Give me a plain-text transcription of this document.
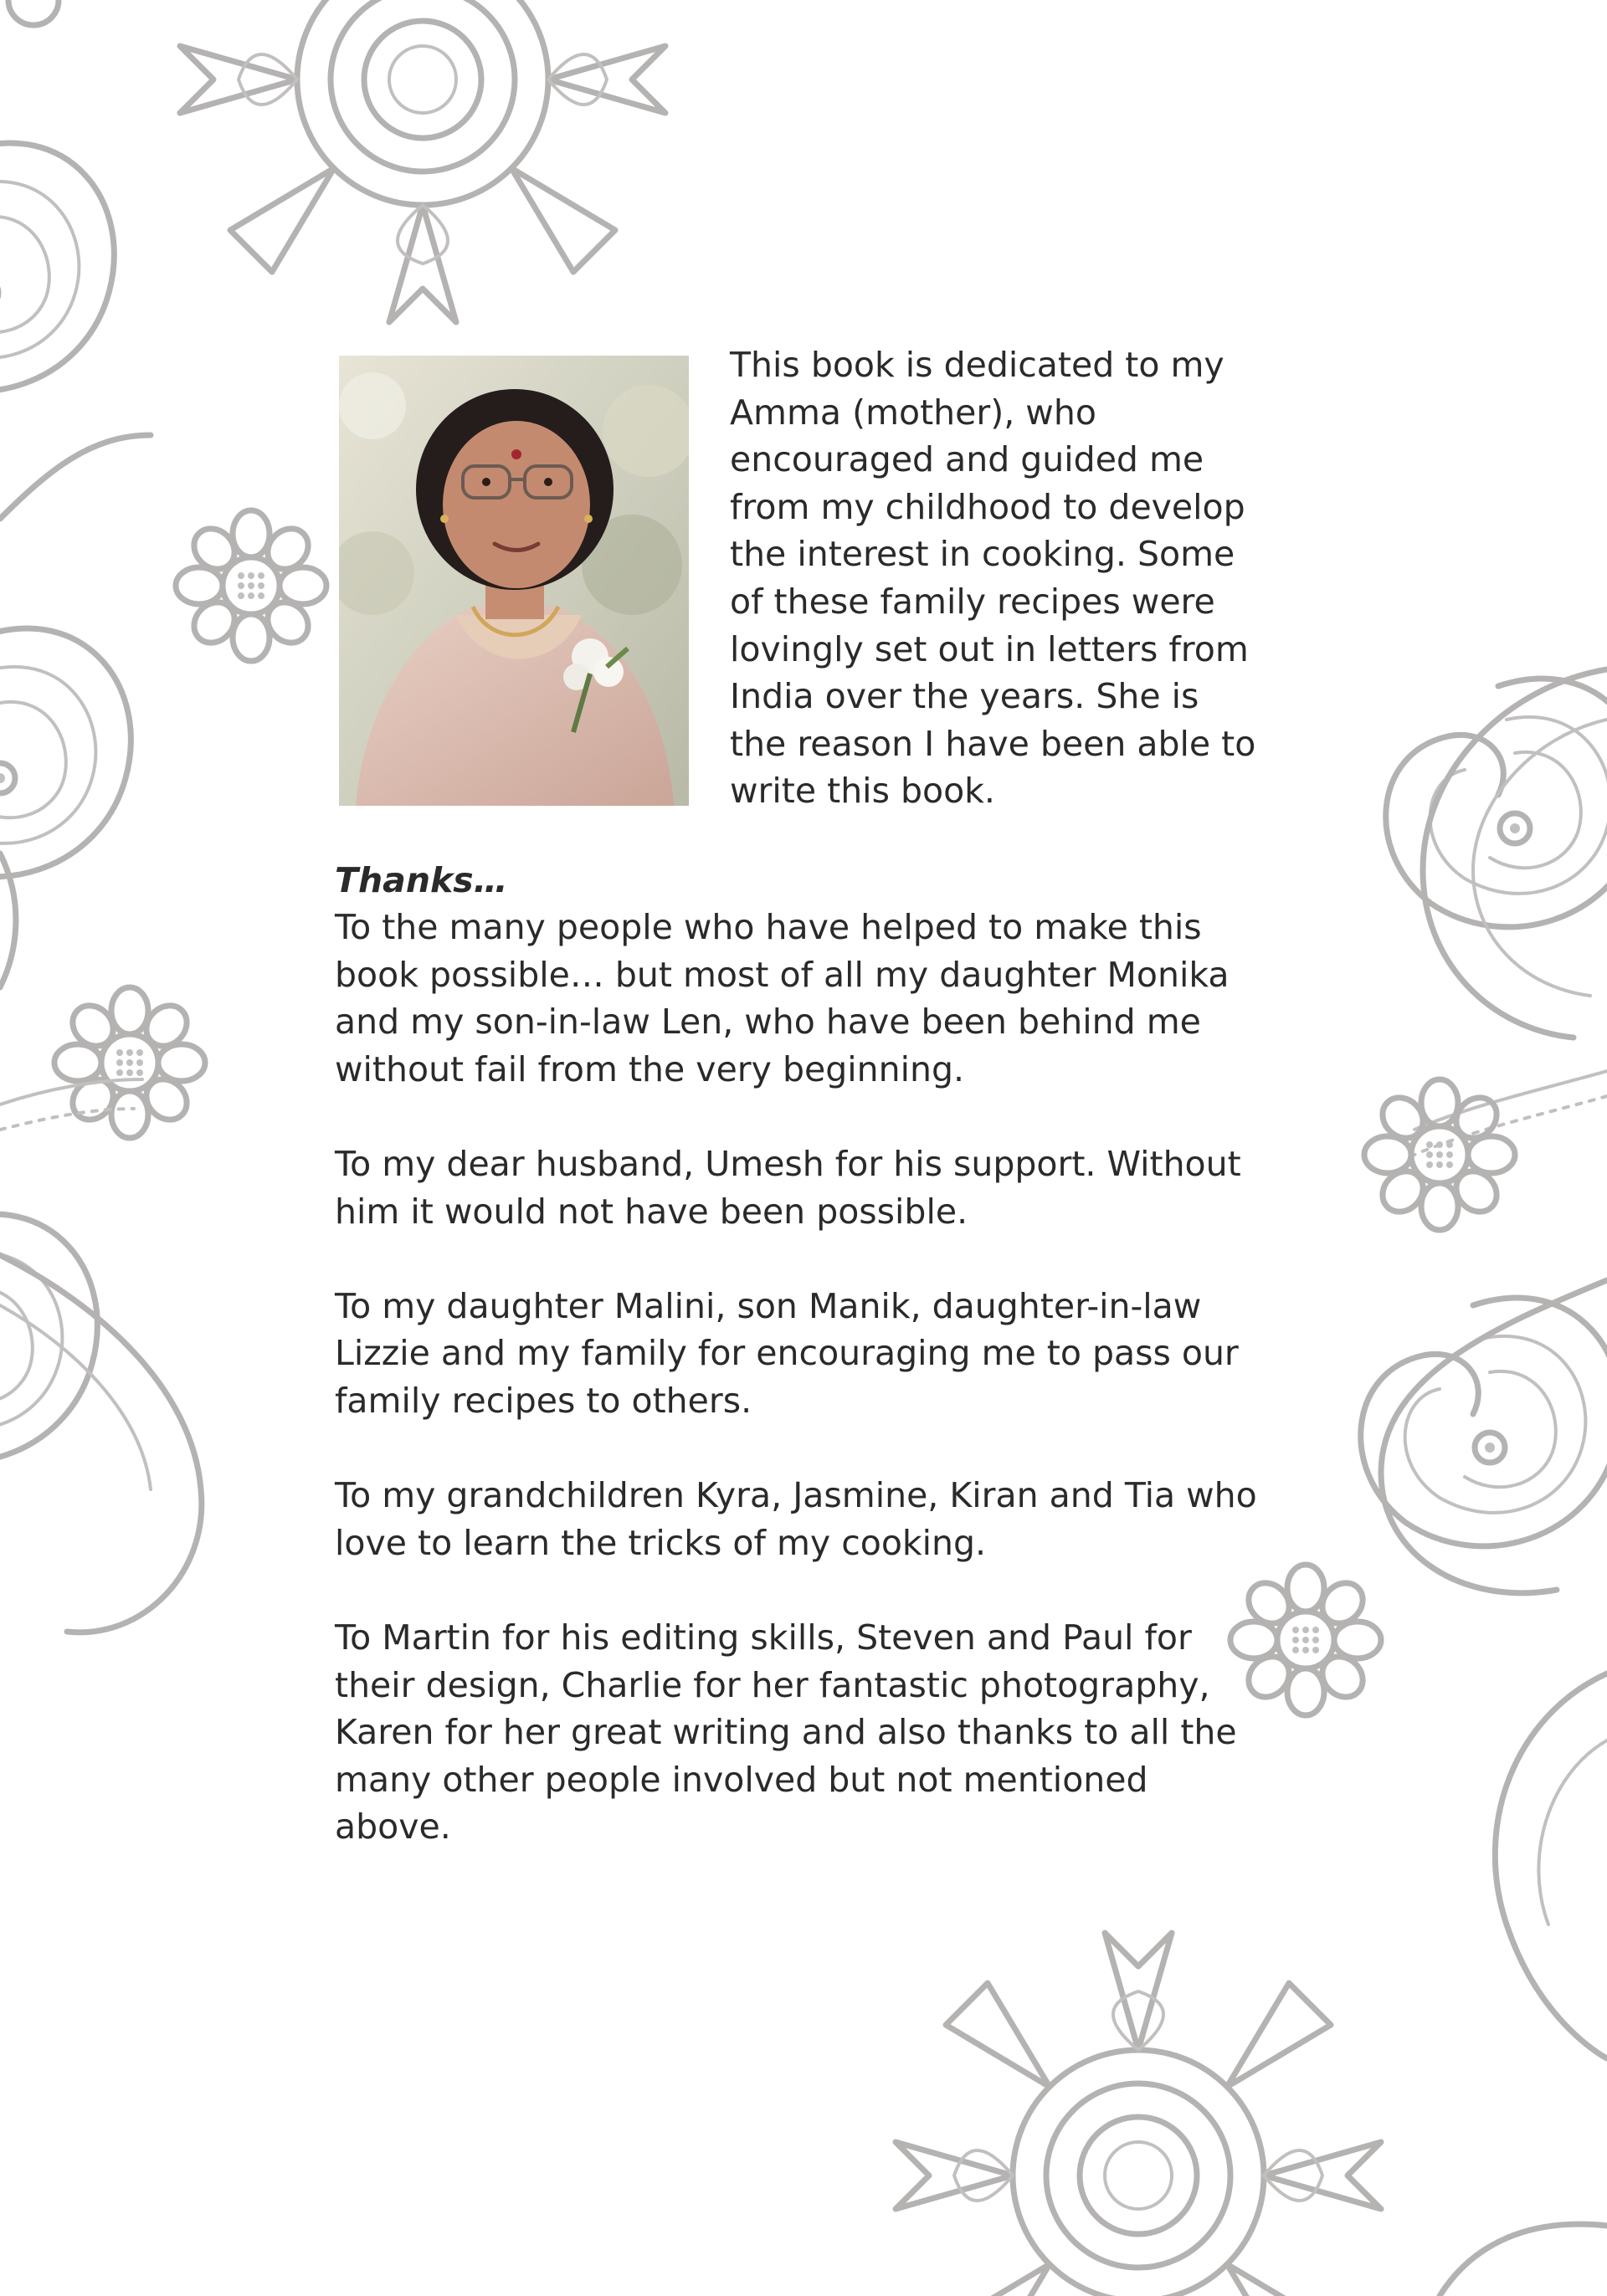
This book is dedicated to my Amma (mother), who encouraged and guided me from my childhood to develop the interest in cooking. Some of these family recipes were lovingly set out in letters from India over the years. She is the reason I have been able to write this book.

Thanks…

To the many people who have helped to make this book possible… but most of all my daughter Monika and my son-in-law Len, who have been behind me without fail from the very beginning.

To my dear husband, Umesh for his support. Without him it would not have been possible.

To my daughter Malini, son Manik, daughter-in-law Lizzie and my family for encouraging me to pass our family recipes to others.

To my grandchildren Kyra, Jasmine, Kiran and Tia who love to learn the tricks of my cooking.

To Martin for his editing skills, Steven and Paul for their design, Charlie for her fantastic photography, Karen for her great writing and also thanks to all the many other people involved but not mentioned above.
